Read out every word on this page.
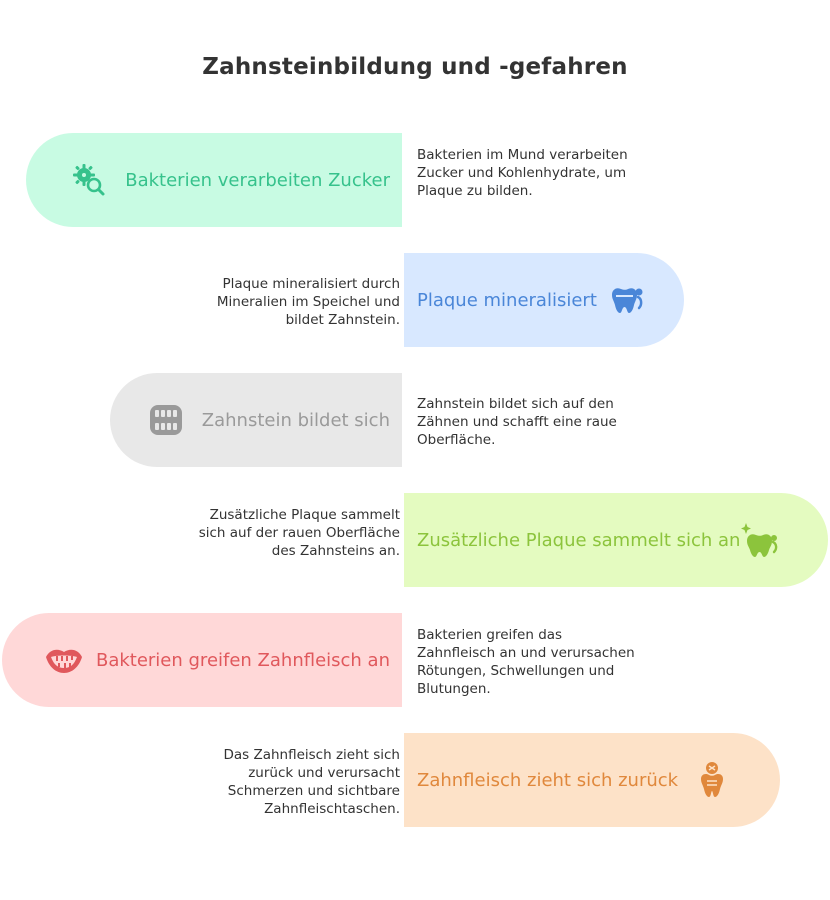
Zahnsteinbildung und -gefahren
Bakterien verarbeiten Zucker
Bakterien im Mund verarbeiten Zucker und Kohlenhydrate, um Plaque zu bilden.
Plaque mineralisiert
Plaque mineralisiert durch Mineralien im Speichel und bildet Zahnstein.
Zahnstein bildet sich
Zahnstein bildet sich auf den Zähnen und schafft eine raue Oberfläche.
Zusätzliche Plaque sammelt sich an
Zusätzliche Plaque sammelt sich auf der rauen Oberfläche des Zahnsteins an.
Bakterien greifen Zahnfleisch an
Bakterien greifen das Zahnfleisch an und verursachen Rötungen, Schwellungen und Blutungen.
Zahnfleisch zieht sich zurück
Das Zahnfleisch zieht sich zurück und verursacht Schmerzen und sichtbare Zahnfleischtaschen.
